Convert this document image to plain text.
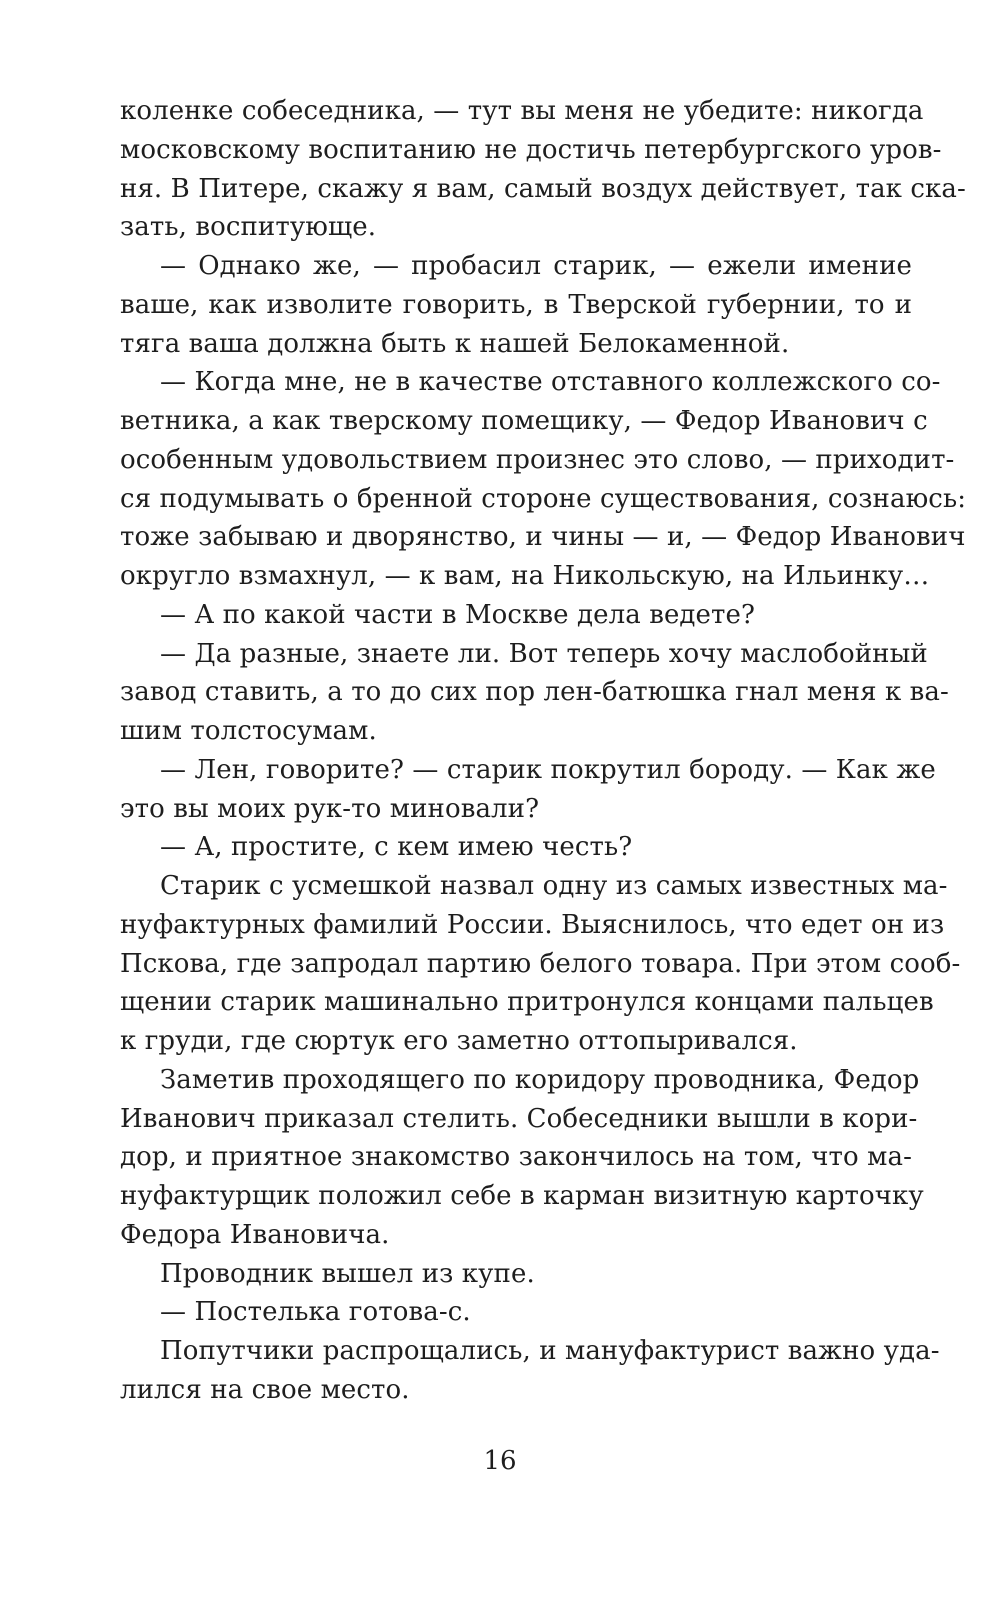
коленке собеседника, — тут вы меня не убедите: никогда
московскому воспитанию не достичь петербургского уров-
ня. В Питере, скажу я вам, самый воздух действует, так ска-
зать, воспитующе.
— Однако же, — пробасил старик, — ежели имение
ваше, как изволите говорить, в Тверской губернии, то и
тяга ваша должна быть к нашей Белокаменной.
— Когда мне, не в качестве отставного коллежского со-
ветника, а как тверскому помещику, — Федор Иванович с
особенным удовольствием произнес это слово, — приходит-
ся подумывать о бренной стороне существования, сознаюсь:
тоже забываю и дворянство, и чины — и, — Федор Иванович
округло взмахнул, — к вам, на Никольскую, на Ильинку…
— А по какой части в Москве дела ведете?
— Да разные, знаете ли. Вот теперь хочу маслобойный
завод ставить, а то до сих пор лен-батюшка гнал меня к ва-
шим толстосумам.
— Лен, говорите? — старик покрутил бороду. — Как же
это вы моих рук-то миновали?
— А, простите, с кем имею честь?
Старик с усмешкой назвал одну из самых известных ма-
нуфактурных фамилий России. Выяснилось, что едет он из
Пскова, где запродал партию белого товара. При этом сооб-
щении старик машинально притронулся концами пальцев
к груди, где сюртук его заметно оттопыривался.
Заметив проходящего по коридору проводника, Федор
Иванович приказал стелить. Собеседники вышли в кори-
дор, и приятное знакомство закончилось на том, что ма-
нуфактурщик положил себе в карман визитную карточку
Федора Ивановича.
Проводник вышел из купе.
— Постелька готова-с.
Попутчики распрощались, и мануфактурист важно уда-
лился на свое место.
16
